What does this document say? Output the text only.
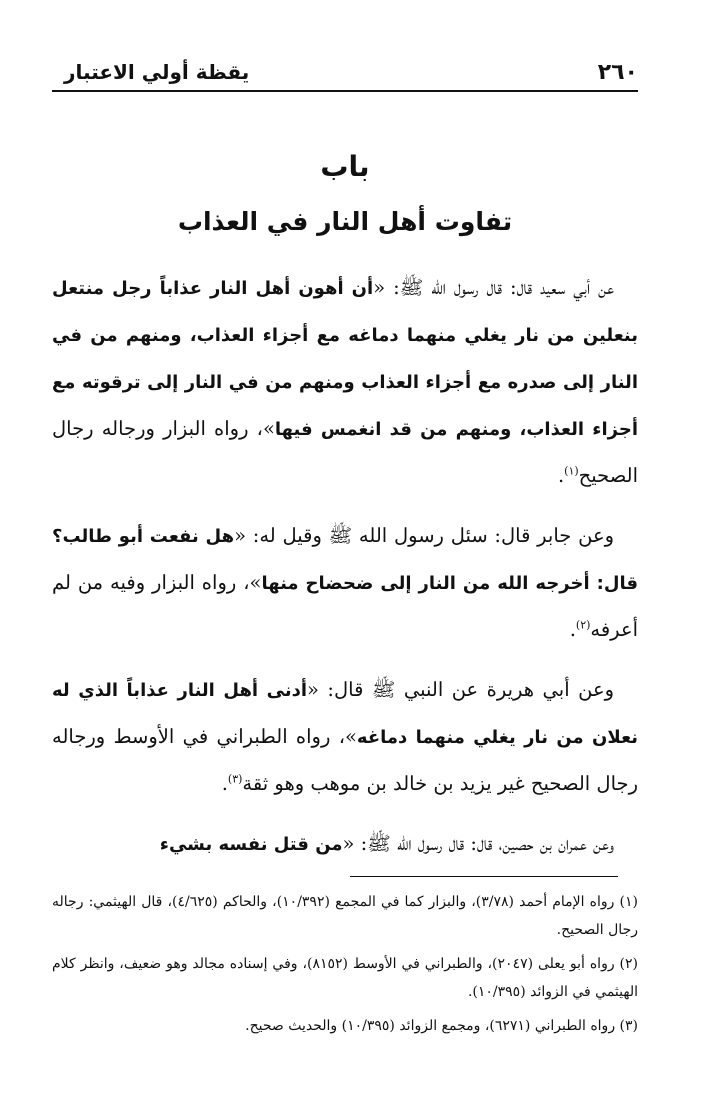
٢٦٠
يقظة أولي الاعتبار
باب
تفاوت أهل النار في العذاب

عن أبي سعيد قال: قال رسول الله ﷺ: «أن أهون أهل النار عذاباً رجل منتعل بنعلين من نار يغلي منهما دماغه مع أجزاء العذاب، ومنهم من في النار إلى صدره مع أجزاء العذاب ومنهم من في النار إلى ترقوته مع أجزاء العذاب، ومنهم من قد انغمس فيها»، رواه البزار ورجاله رجال الصحيح$^{(١)}$.

وعن جابر قال: سئل رسول الله ﷺ وقيل له: «هل نفعت أبو طالب؟ قال: أخرجه الله من النار إلى ضحضاح منها»، رواه البزار وفيه من لم أعرفه$^{(٢)}$.

وعن أبي هريرة عن النبي ﷺ قال: «أدنى أهل النار عذاباً الذي له نعلان من نار يغلي منهما دماغه»، رواه الطبراني في الأوسط ورجاله رجال الصحيح غير يزيد بن خالد بن موهب وهو ثقة$^{(٣)}$.

وعن عمران بن حصين، قال: قال رسول الله ﷺ: «من قتل نفسه بشيء

(١) رواه الإمام أحمد (٣/٧٨)، والبزار كما في المجمع (١٠/٣٩٢)، والحاكم (٤/٦٢٥)، قال الهيثمي: رجاله رجال الصحيح.

(٢) رواه أبو يعلى (٢٠٤٧)، والطبراني في الأوسط (٨١٥٢)، وفي إسناده مجالد وهو ضعيف، وانظر كلام الهيثمي في الزوائد (١٠/٣٩٥).

(٣) رواه الطبراني (٦٢٧١)، ومجمع الزوائد (١٠/٣٩٥) والحديث صحيح.
